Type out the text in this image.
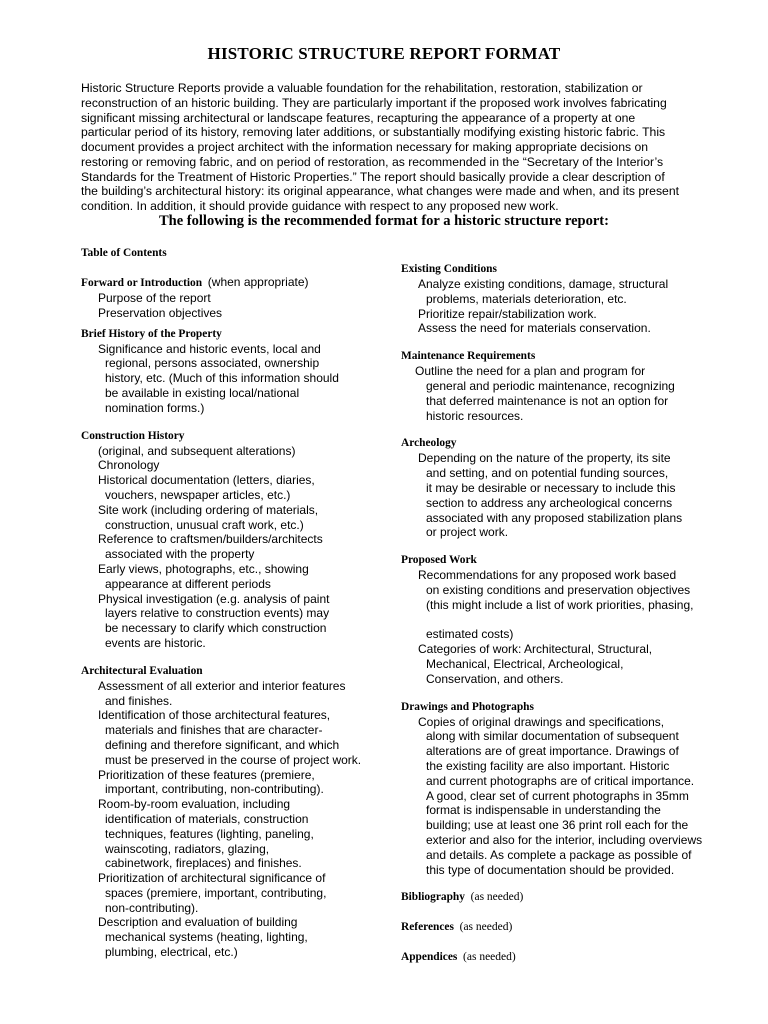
HISTORIC STRUCTURE REPORT FORMAT
Historic Structure Reports provide a valuable foundation for the rehabilitation, restoration, stabilization or
reconstruction of an historic building. They are particularly important if the proposed work involves fabricating
significant missing architectural or landscape features, recapturing the appearance of a property at one
particular period of its history, removing later additions, or substantially modifying existing historic fabric. This
document provides a project architect with the information necessary for making appropriate decisions on
restoring or removing fabric, and on period of restoration, as recommended in the “Secretary of the Interior’s
Standards for the Treatment of Historic Properties.” The report should basically provide a clear description of
the building’s architectural history: its original appearance, what changes were made and when, and its present
condition. In addition, it should provide guidance with respect to any proposed new work.
The following is the recommended format for a historic structure report:
Table of Contents
Forward or Introduction (when appropriate)
Purpose of the report
Preservation objectives
Brief History of the Property
Significance and historic events, local and
regional, persons associated, ownership
history, etc. (Much of this information should
be available in existing local/national
nomination forms.)
Construction History
(original, and subsequent alterations)
Chronology
Historical documentation (letters, diaries,
vouchers, newspaper articles, etc.)
Site work (including ordering of materials,
construction, unusual craft work, etc.)
Reference to craftsmen/builders/architects
associated with the property
Early views, photographs, etc., showing
appearance at different periods
Physical investigation (e.g. analysis of paint
layers relative to construction events) may
be necessary to clarify which construction
events are historic.
Architectural Evaluation
Assessment of all exterior and interior features
and finishes.
Identification of those architectural features,
materials and finishes that are character-
defining and therefore significant, and which
must be preserved in the course of project work.
Prioritization of these features (premiere,
important, contributing, non-contributing).
Room-by-room evaluation, including
identification of materials, construction
techniques, features (lighting, paneling,
wainscoting, radiators, glazing,
cabinetwork, fireplaces) and finishes.
Prioritization of architectural significance of
spaces (premiere, important, contributing,
non-contributing).
Description and evaluation of building
mechanical systems (heating, lighting,
plumbing, electrical, etc.)
Existing Conditions
Analyze existing conditions, damage, structural
problems, materials deterioration, etc.
Prioritize repair/stabilization work.
Assess the need for materials conservation.
Maintenance Requirements
Outline the need for a plan and program for
general and periodic maintenance, recognizing
that deferred maintenance is not an option for
historic resources.
Archeology
Depending on the nature of the property, its site
and setting, and on potential funding sources,
it may be desirable or necessary to include this
section to address any archeological concerns
associated with any proposed stabilization plans
or project work.
Proposed Work
Recommendations for any proposed work based
on existing conditions and preservation objectives
(this might include a list of work priorities, phasing,
estimated costs)
Categories of work: Architectural, Structural,
Mechanical, Electrical, Archeological,
Conservation, and others.
Drawings and Photographs
Copies of original drawings and specifications,
along with similar documentation of subsequent
alterations are of great importance. Drawings of
the existing facility are also important. Historic
and current photographs are of critical importance.
A good, clear set of current photographs in 35mm
format is indispensable in understanding the
building; use at least one 36 print roll each for the
exterior and also for the interior, including overviews
and details. As complete a package as possible of
this type of documentation should be provided.
Bibliography (as needed)
References (as needed)
Appendices (as needed)
